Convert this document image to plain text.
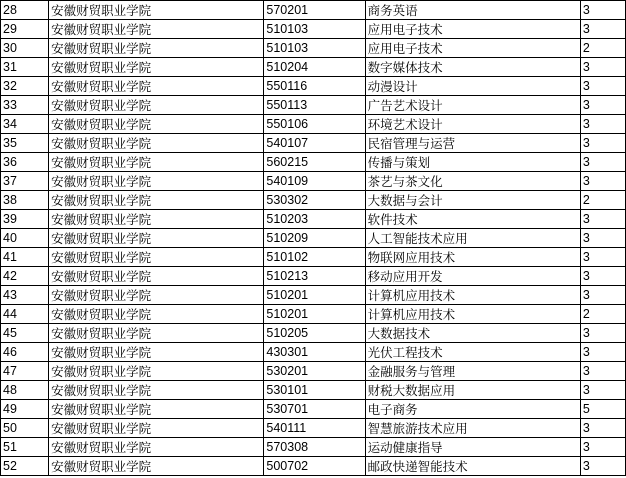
28	安徽财贸职业学院	570201	商务英语	3
29	安徽财贸职业学院	510103	应用电子技术	3
30	安徽财贸职业学院	510103	应用电子技术	2
31	安徽财贸职业学院	510204	数字媒体技术	3
32	安徽财贸职业学院	550116	动漫设计	3
33	安徽财贸职业学院	550113	广告艺术设计	3
34	安徽财贸职业学院	550106	环境艺术设计	3
35	安徽财贸职业学院	540107	民宿管理与运营	3
36	安徽财贸职业学院	560215	传播与策划	3
37	安徽财贸职业学院	540109	茶艺与茶文化	3
38	安徽财贸职业学院	530302	大数据与会计	2
39	安徽财贸职业学院	510203	软件技术	3
40	安徽财贸职业学院	510209	人工智能技术应用	3
41	安徽财贸职业学院	510102	物联网应用技术	3
42	安徽财贸职业学院	510213	移动应用开发	3
43	安徽财贸职业学院	510201	计算机应用技术	3
44	安徽财贸职业学院	510201	计算机应用技术	2
45	安徽财贸职业学院	510205	大数据技术	3
46	安徽财贸职业学院	430301	光伏工程技术	3
47	安徽财贸职业学院	530201	金融服务与管理	3
48	安徽财贸职业学院	530101	财税大数据应用	3
49	安徽财贸职业学院	530701	电子商务	5
50	安徽财贸职业学院	540111	智慧旅游技术应用	3
51	安徽财贸职业学院	570308	运动健康指导	3
52	安徽财贸职业学院	500702	邮政快递智能技术	3
